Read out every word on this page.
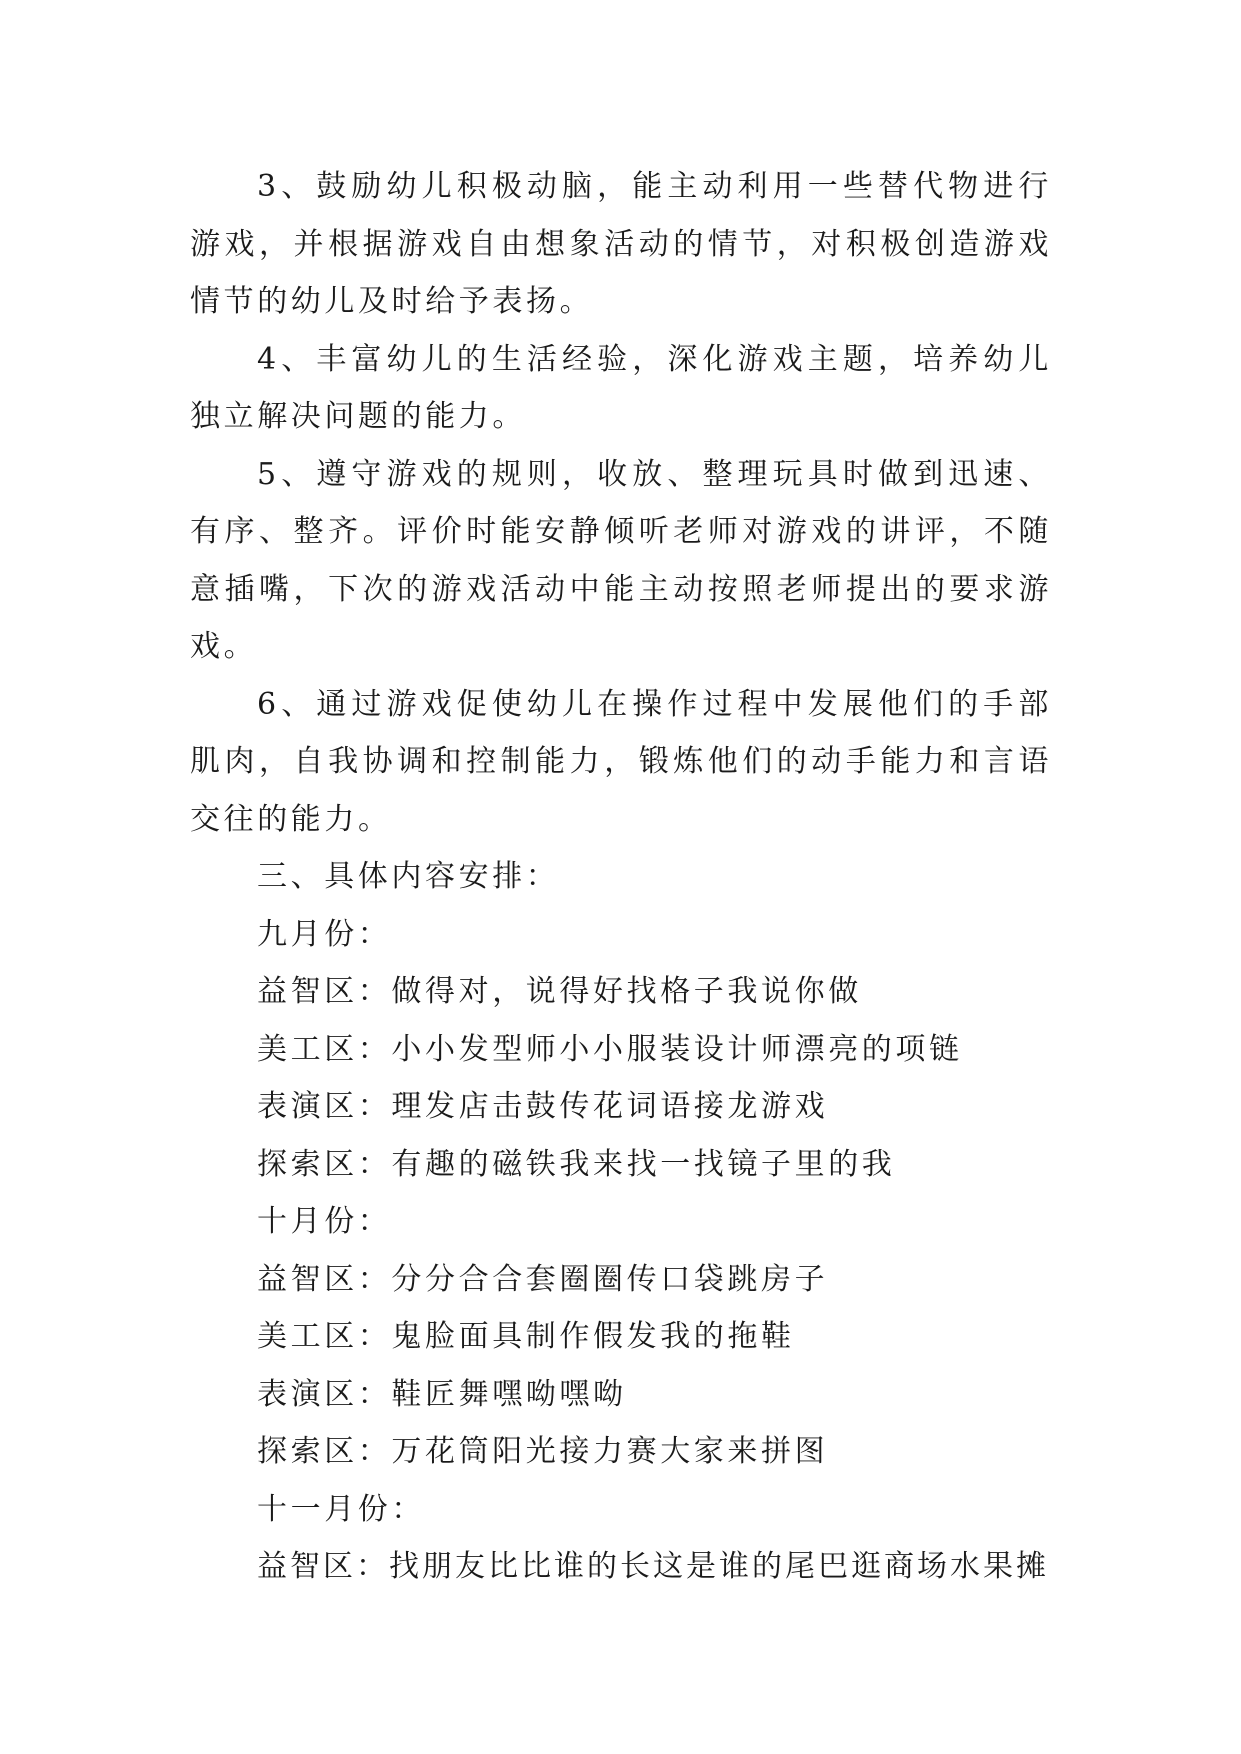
3、鼓励幼儿积极动脑，能主动利用一些替代物进行游戏，并根据游戏自由想象活动的情节，对积极创造游戏情节的幼儿及时给予表扬。

4、丰富幼儿的生活经验，深化游戏主题，培养幼儿独立解决问题的能力。

5、遵守游戏的规则，收放、整理玩具时做到迅速、有序、整齐。评价时能安静倾听老师对游戏的讲评，不随意插嘴，下次的游戏活动中能主动按照老师提出的要求游戏。

6、通过游戏促使幼儿在操作过程中发展他们的手部肌肉，自我协调和控制能力，锻炼他们的动手能力和言语交往的能力。

三、具体内容安排：

九月份：

益智区：做得对，说得好找格子我说你做

美工区：小小发型师小小服装设计师漂亮的项链

表演区：理发店击鼓传花词语接龙游戏

探索区：有趣的磁铁我来找一找镜子里的我

十月份：

益智区：分分合合套圈圈传口袋跳房子

美工区：鬼脸面具制作假发我的拖鞋

表演区：鞋匠舞嘿呦嘿呦

探索区：万花筒阳光接力赛大家来拼图

十一月份：

益智区：找朋友比比谁的长这是谁的尾巴逛商场水果摊
